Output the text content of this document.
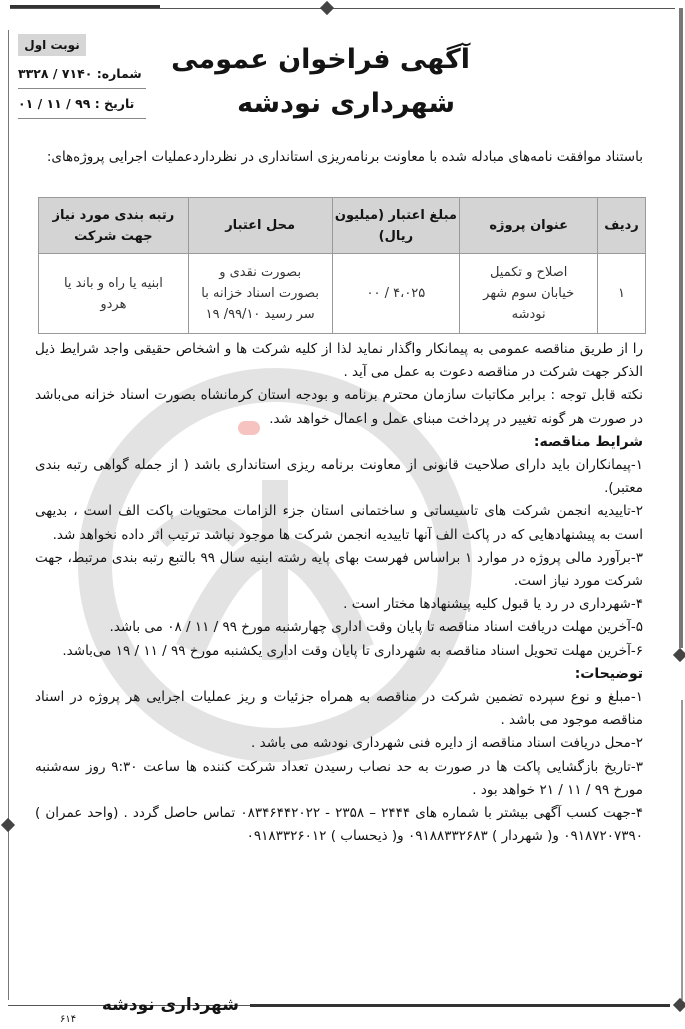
نوبت اول
شماره: ۷۱۴۰ / ۳۳۲۸
تاریخ : ۹۹ / ۱۱ / ۰۱
آگهی فراخوان عمومی
شهرداری نودشه
باستناد موافقت نامه‌های مبادله شده با معاونت برنامه‌ریزی استانداری در نظرداردعملیات اجرایی پروژه‌های:
ردیف	عنوان پروژه	مبلغ اعتبار (میلیون ریال)	محل اعتبار	رتبه بندی مورد نیاز جهت شرکت
۱	اصلاح و تکمیل خیابان سوم شهر نودشه	۴،۰۲۵ / ۰۰	بصورت نقدی و بصورت اسناد خزانه با سر رسید ۹۹/۱۰/ ۱۹	ابنیه یا راه و باند یا هردو

را از طریق مناقصه عمومی به پیمانکار واگذار نماید لذا از کلیه شرکت ها و اشخاص حقیقی واجد شرایط ذیل الذکر جهت شرکت در مناقصه دعوت به عمل می آید .

نکته قابل توجه : برابر مکاتبات سازمان محترم برنامه و بودجه استان کرمانشاه بصورت اسناد خزانه می‌باشد در صورت هر گونه تغییر در پرداخت مبنای عمل و اعمال خواهد شد.

شرایط مناقصه:

۱-پیمانکاران باید دارای صلاحیت قانونی از معاونت برنامه ریزی استانداری باشد ( از جمله گواهی رتبه بندی معتبر).

۲-تاییدیه انجمن شرکت های تاسیساتی و ساختمانی استان جزء الزامات محتویات پاکت الف است ، بدیهی است به پیشنهادهایی که در پاکت الف آنها تاییدیه انجمن شرکت ها موجود نباشد ترتیب اثر داده نخواهد شد.

۳-برآورد مالی پروژه در موارد ۱ براساس فهرست بهای پایه رشته ابنیه سال ۹۹ بالتبع رتبه بندی مرتبط، جهت شرکت مورد نیاز است.

۴-شهرداری در رد یا قبول کلیه پیشنهادها مختار است .

۵-آخرین مهلت دریافت اسناد مناقصه تا پایان وقت اداری چهارشنبه مورخ ۹۹ / ۱۱ / ۰۸ می باشد.

۶-آخرین مهلت تحویل اسناد مناقصه به شهرداری تا پایان وقت اداری یکشنبه مورخ ۹۹ / ۱۱ / ۱۹ می‌باشد.

توضیحات:

۱-مبلغ و نوع سپرده تضمین شرکت در مناقصه به همراه جزئیات و ریز عملیات اجرایی هر پروژه در اسناد مناقصه موجود می باشد .

۲-محل دریافت اسناد مناقصه از دایره فنی شهرداری نودشه می باشد .

۳-تاریخ بازگشایی پاکت ها در صورت به حد نصاب رسیدن تعداد شرکت کننده ها ساعت ۹:۳۰ روز سه‌شنبه مورخ ۹۹ / ۱۱ / ۲۱ خواهد بود .

۴-جهت کسب آگهی بیشتر با شماره های ۲۴۴۴ – ۲۳۵۸ - ۰۸۳۴۶۴۴۲۰۲۲ تماس حاصل گردد . (واحد عمران ) ۰۹۱۸۷۲۰۷۳۹۰ و( شهردار ) ۰۹۱۸۸۳۳۲۶۸۳ و( ذیحساب ) ۰۹۱۸۳۳۲۶۰۱۲

شهرداری نودشه
۶۱۴
